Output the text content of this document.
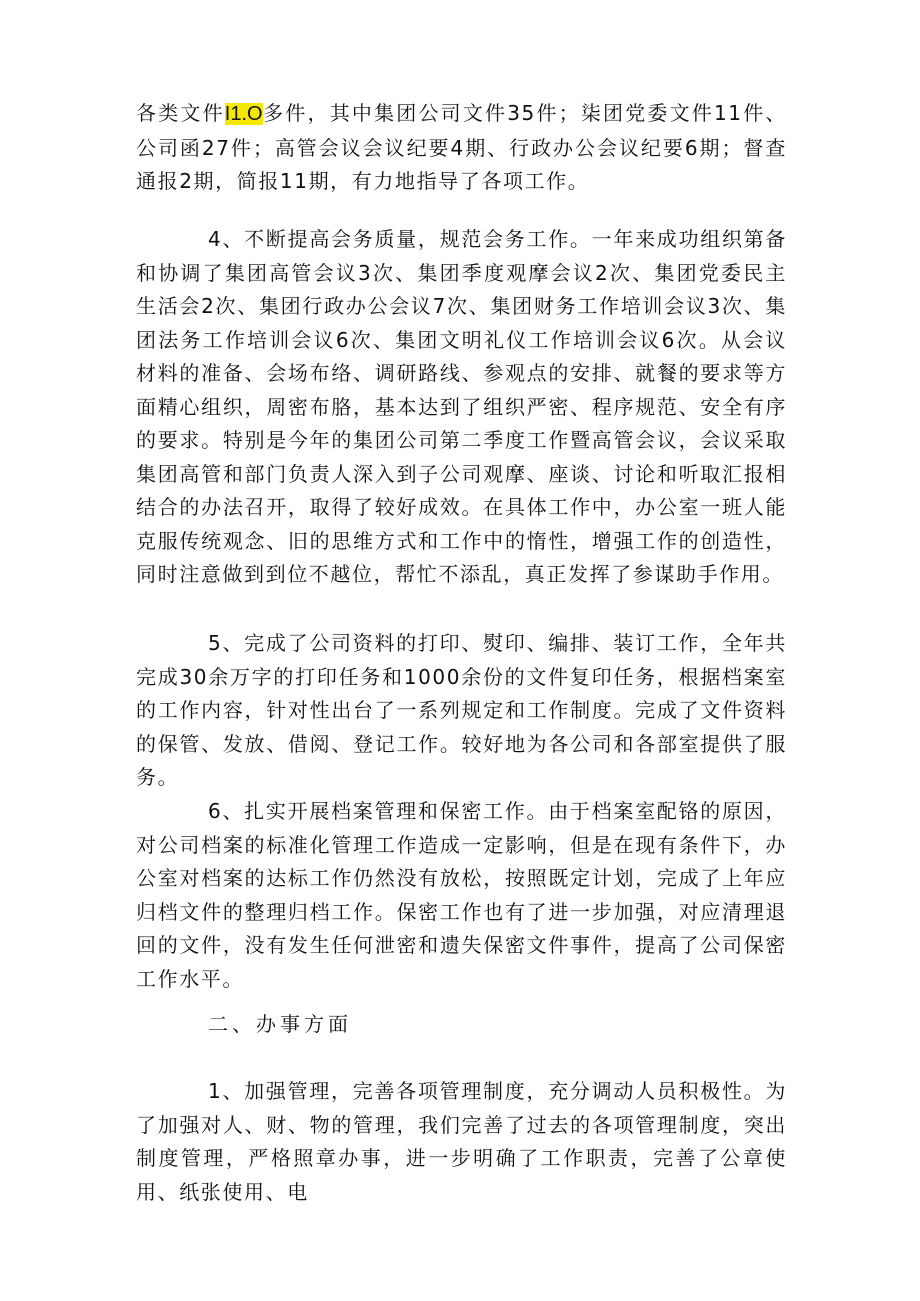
各类文件I1.O多件，其中集团公司文件35件；柒团党委文件11件、公司函27件；高管会议会议纪要4期、行政办公会议纪要6期；督查通报2期，简报11期，有力地指导了各项工作。

4、不断提高会务质量，规范会务工作。一年来成功组织第备和协调了集团高管会议3次、集团季度观摩会议2次、集团党委民主生活会2次、集团行政办公会议7次、集团财务工作培训会议3次、集团法务工作培训会议6次、集团文明礼仪工作培训会议6次。从会议材料的准备、会场布络、调研路线、参观点的安排、就餐的要求等方面精心组织，周密布胳，基本达到了组织严密、程序规范、安全有序的要求。特别是今年的集团公司第二季度工作暨高管会议，会议采取集团高管和部门负责人深入到子公司观摩、座谈、讨论和听取汇报相结合的办法召开，取得了较好成效。在具体工作中，办公室一班人能克服传统观念、旧的思维方式和工作中的惰性，增强工作的创造性，同时注意做到到位不越位，帮忙不添乱，真正发挥了参谋助手作用。

5、完成了公司资料的打印、熨印、编排、装订工作，全年共完成30余万字的打印任务和1000余份的文件复印任务，根据档案室的工作内容，针对性出台了一系列规定和工作制度。完成了文件资料的保管、发放、借阅、登记工作。较好地为各公司和各部室提供了服务。

6、扎实开展档案管理和保密工作。由于档案室配铬的原因，对公司档案的标准化管理工作造成一定影响，但是在现有条件下，办公室对档案的达标工作仍然没有放松，按照既定计划，完成了上年应归档文件的整理归档工作。保密工作也有了进一步加强，对应清理退回的文件，没有发生任何泄密和遗失保密文件事件，提高了公司保密工作水平。

二、办事方面

1、加强管理，完善各项管理制度，充分调动人员积极性。为了加强对人、财、物的管理，我们完善了过去的各项管理制度，突出制度管理，严格照章办事，进一步明确了工作职责，完善了公章使用、纸张使用、电
